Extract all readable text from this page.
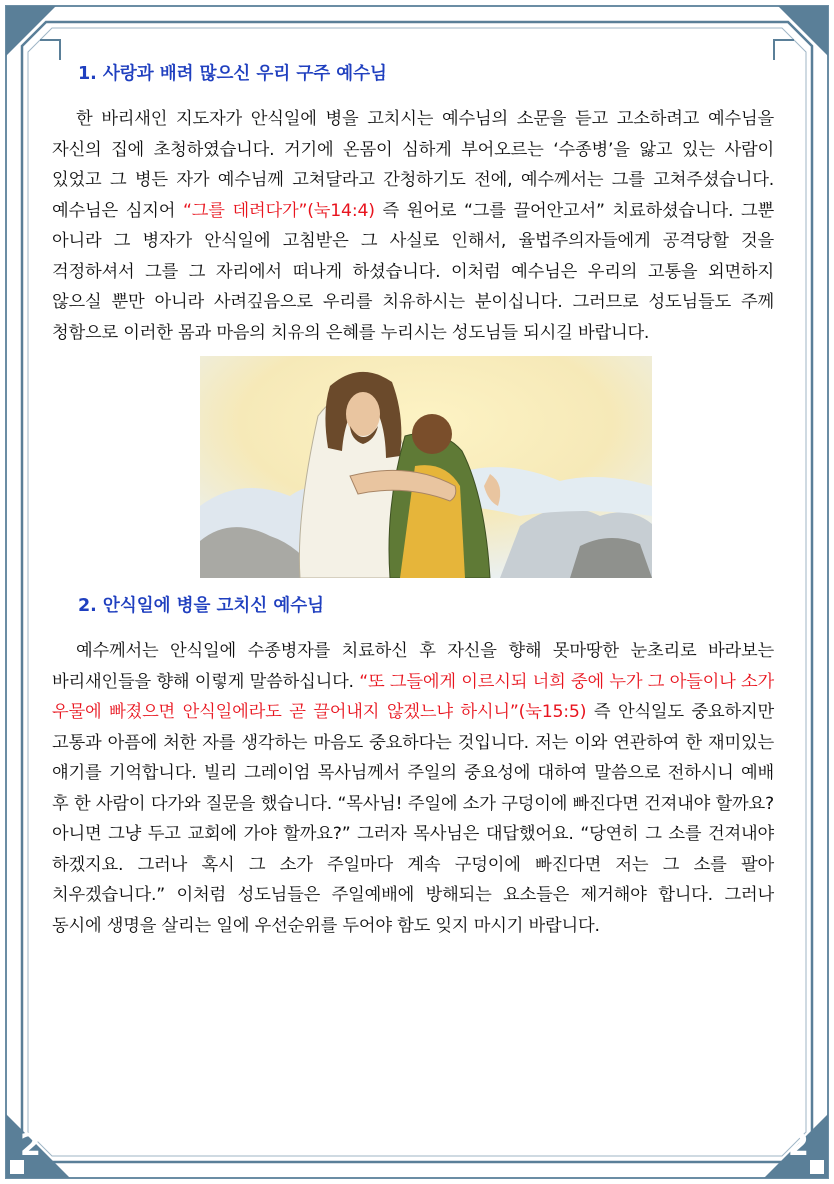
1. 사랑과 배려 많으신 우리 구주 예수님

한 바리새인 지도자가 안식일에 병을 고치시는 예수님의 소문을 듣고 고소하려고 예수님을 자신의 집에 초청하였습니다. 거기에 온몸이 심하게 부어오르는 ‘수종병’을 앓고 있는 사람이 있었고 그 병든 자가 예수님께 고쳐달라고 간청하기도 전에, 예수께서는 그를 고쳐주셨습니다. 예수님은 심지어 “그를 데려다가”(눅14:4) 즉 원어로 “그를 끌어안고서” 치료하셨습니다. 그뿐 아니라 그 병자가 안식일에 고침받은 그 사실로 인해서, 율법주의자들에게 공격당할 것을 걱정하셔서 그를 그 자리에서 떠나게 하셨습니다. 이처럼 예수님은 우리의 고통을 외면하지 않으실 뿐만 아니라 사려깊음으로 우리를 치유하시는 분이십니다. 그러므로 성도님들도 주께 청함으로 이러한 몸과 마음의 치유의 은혜를 누리시는 성도님들 되시길 바랍니다.

2. 안식일에 병을 고치신 예수님

예수께서는 안식일에 수종병자를 치료하신 후 자신을 향해 못마땅한 눈초리로 바라보는 바리새인들을 향해 이렇게 말씀하십니다. “또 그들에게 이르시되 너희 중에 누가 그 아들이나 소가 우물에 빠졌으면 안식일에라도 곧 끌어내지 않겠느냐 하시니”(눅15:5) 즉 안식일도 중요하지만 고통과 아픔에 처한 자를 생각하는 마음도 중요하다는 것입니다. 저는 이와 연관하여 한 재미있는 얘기를 기억합니다. 빌리 그레이엄 목사님께서 주일의 중요성에 대하여 말씀으로 전하시니 예배 후 한 사람이 다가와 질문을 했습니다. “목사님! 주일에 소가 구덩이에 빠진다면 건져내야 할까요? 아니면 그냥 두고 교회에 가야 할까요?” 그러자 목사님은 대답했어요. “당연히 그 소를 건져내야 하겠지요. 그러나 혹시 그 소가 주일마다 계속 구덩이에 빠진다면 저는 그 소를 팔아 치우겠습니다.” 이처럼 성도님들은 주일예배에 방해되는 요소들은 제거해야 합니다. 그러나 동시에 생명을 살리는 일에 우선순위를 두어야 함도 잊지 마시기 바랍니다.

2	2
